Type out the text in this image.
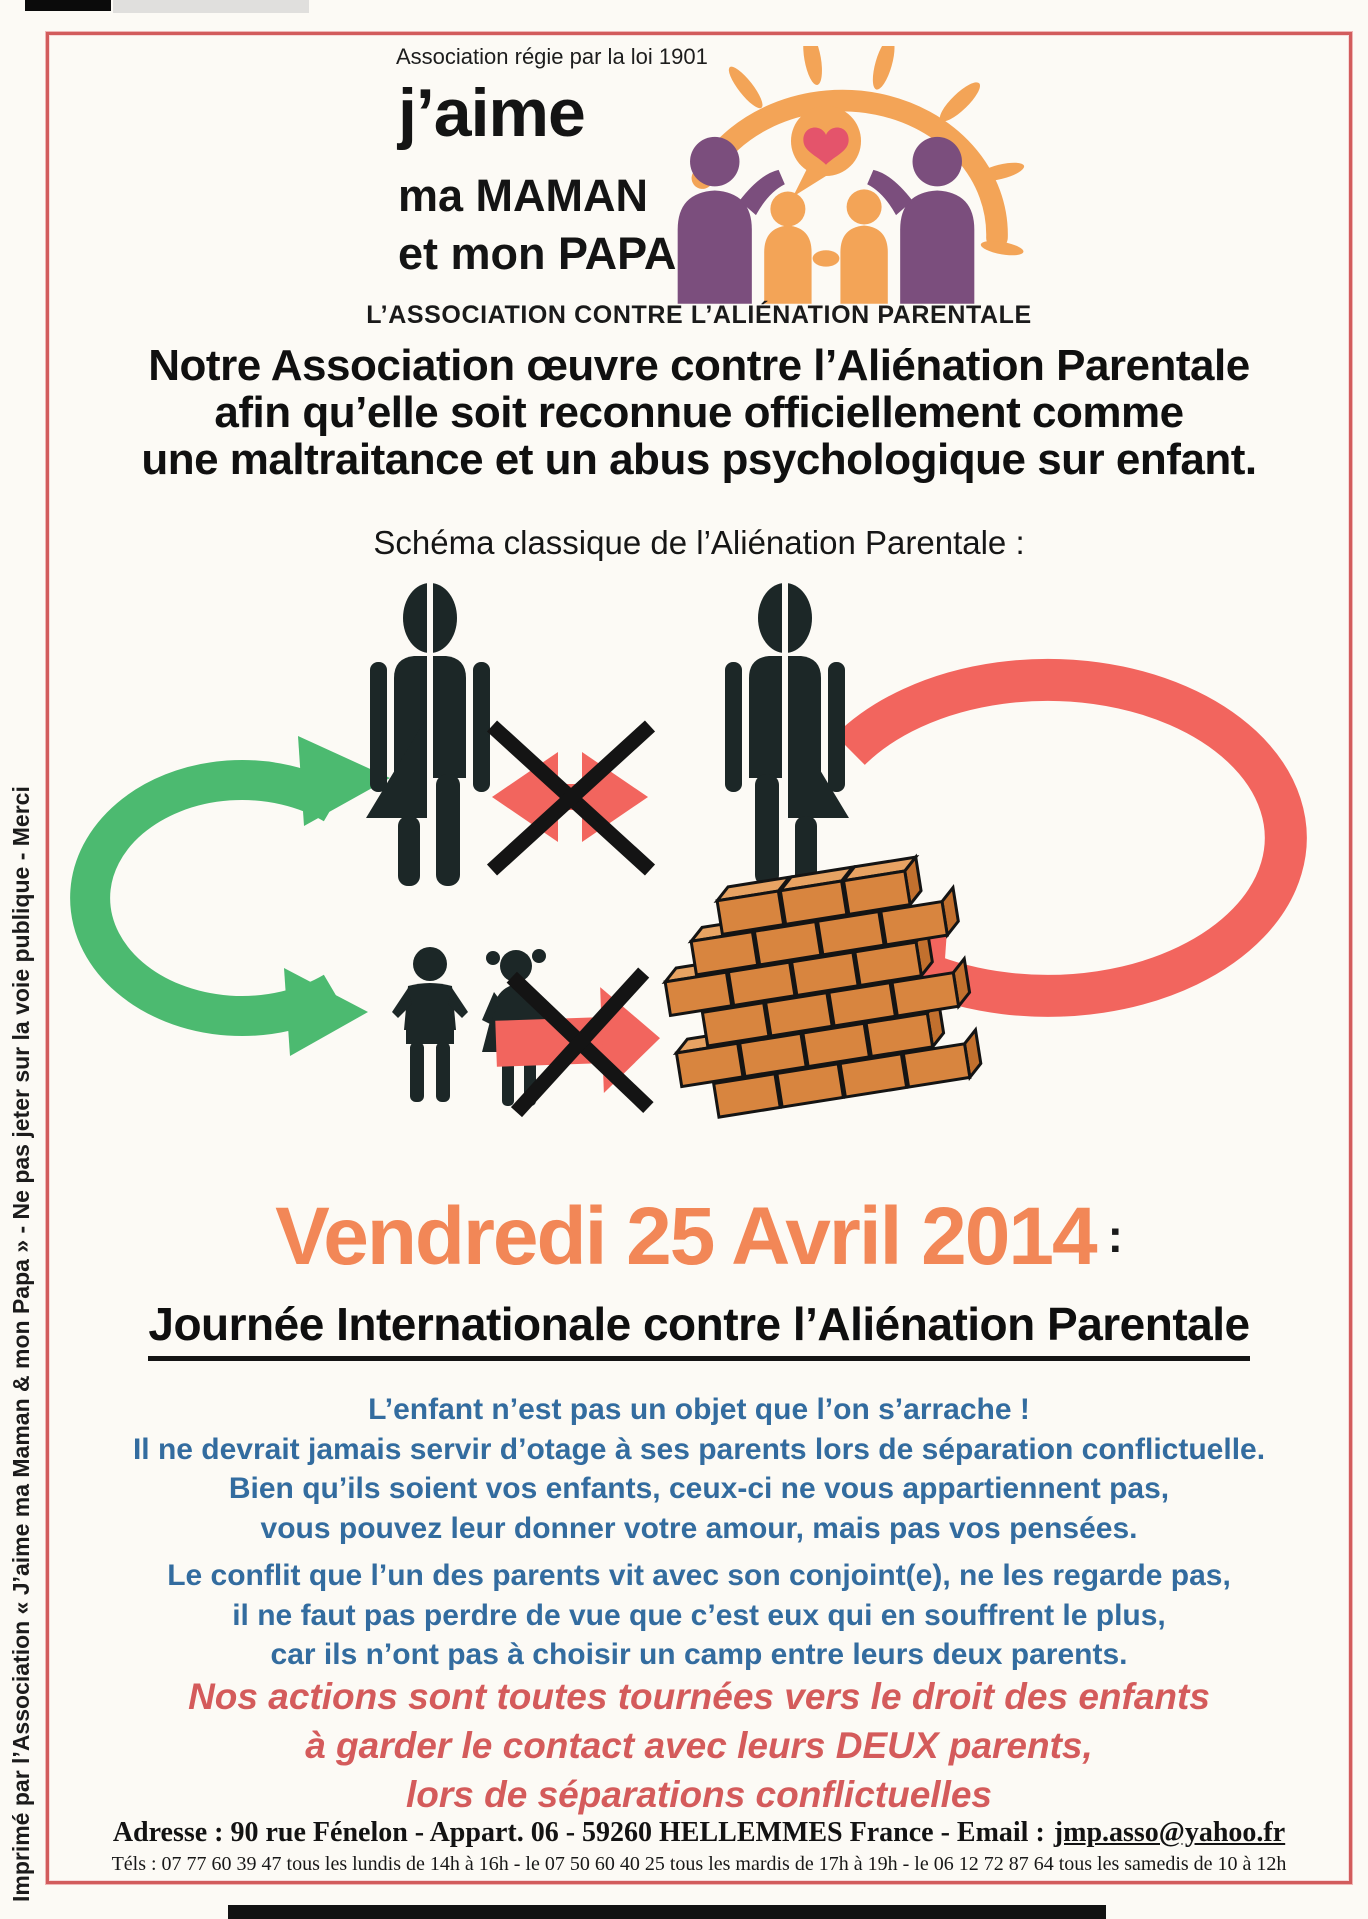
Imprimé par l’Association « J’aime ma Maman & mon Papa » - Ne pas jeter sur la voie publique - Merci
Association régie par la loi 1901
j’aime
ma MAMAN
et mon PAPA
L’ASSOCIATION CONTRE L’ALIÉNATION PARENTALE
Notre Association œuvre contre l’Aliénation Parentale
afin qu’elle soit reconnue officiellement comme
une maltraitance et un abus psychologique sur enfant.
Schéma classique de l’Aliénation Parentale :
Vendredi 25 Avril 2014 :
Journée Internationale contre l’Aliénation Parentale
L’enfant n’est pas un objet que l’on s’arrache !
Il ne devrait jamais servir d’otage à ses parents lors de séparation conflictuelle.
Bien qu’ils soient vos enfants, ceux-ci ne vous appartiennent pas,
vous pouvez leur donner votre amour, mais pas vos pensées.
Le conflit que l’un des parents vit avec son conjoint(e), ne les regarde pas,
il ne faut pas perdre de vue que c’est eux qui en souffrent le plus,
car ils n’ont pas à choisir un camp entre leurs deux parents.
Nos actions sont toutes tournées vers le droit des enfants
à garder le contact avec leurs DEUX parents,
lors de séparations conflictuelles
Adresse : 90 rue Fénelon - Appart. 06 - 59260 HELLEMMES France - Email : jmp.asso@yahoo.fr
Téls : 07 77 60 39 47 tous les lundis de 14h à 16h - le 07 50 60 40 25 tous les mardis de 17h à 19h - le 06 12 72 87 64 tous les samedis de 10 à 12h
